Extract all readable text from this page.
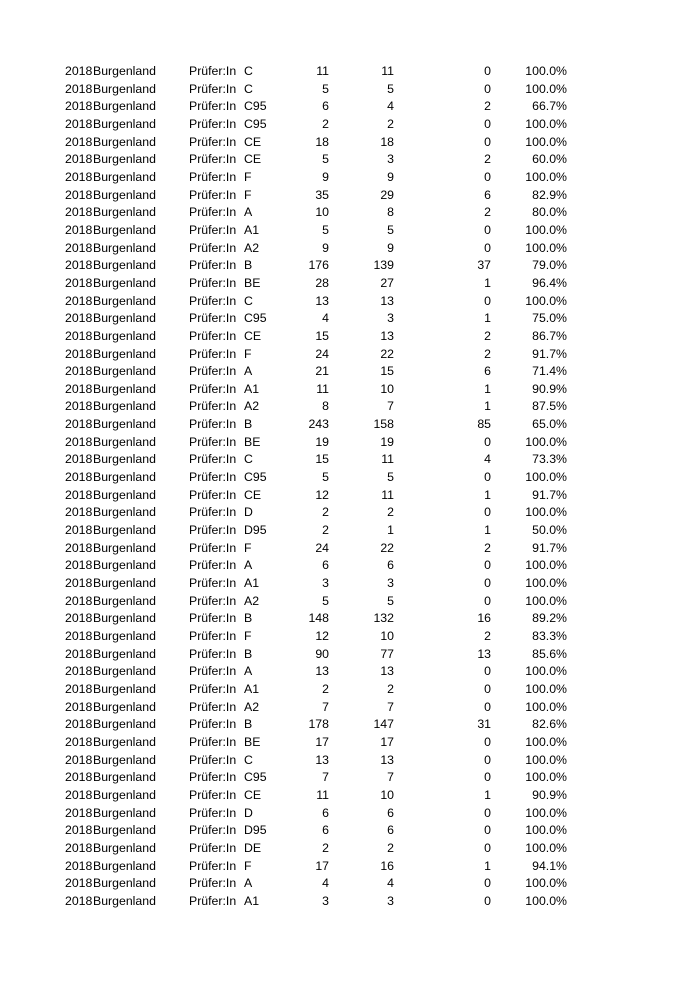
2018 Burgenland	Prüfer:In C	11	11	0	100.0%
2018 Burgenland	Prüfer:In C	5	5	0	100.0%
2018 Burgenland	Prüfer:In C95	6	4	2	66.7%
2018 Burgenland	Prüfer:In C95	2	2	0	100.0%
2018 Burgenland	Prüfer:In CE	18	18	0	100.0%
2018 Burgenland	Prüfer:In CE	5	3	2	60.0%
2018 Burgenland	Prüfer:In F	9	9	0	100.0%
2018 Burgenland	Prüfer:In F	35	29	6	82.9%
2018 Burgenland	Prüfer:In A	10	8	2	80.0%
2018 Burgenland	Prüfer:In A1	5	5	0	100.0%
2018 Burgenland	Prüfer:In A2	9	9	0	100.0%
2018 Burgenland	Prüfer:In B	176	139	37	79.0%
2018 Burgenland	Prüfer:In BE	28	27	1	96.4%
2018 Burgenland	Prüfer:In C	13	13	0	100.0%
2018 Burgenland	Prüfer:In C95	4	3	1	75.0%
2018 Burgenland	Prüfer:In CE	15	13	2	86.7%
2018 Burgenland	Prüfer:In F	24	22	2	91.7%
2018 Burgenland	Prüfer:In A	21	15	6	71.4%
2018 Burgenland	Prüfer:In A1	11	10	1	90.9%
2018 Burgenland	Prüfer:In A2	8	7	1	87.5%
2018 Burgenland	Prüfer:In B	243	158	85	65.0%
2018 Burgenland	Prüfer:In BE	19	19	0	100.0%
2018 Burgenland	Prüfer:In C	15	11	4	73.3%
2018 Burgenland	Prüfer:In C95	5	5	0	100.0%
2018 Burgenland	Prüfer:In CE	12	11	1	91.7%
2018 Burgenland	Prüfer:In D	2	2	0	100.0%
2018 Burgenland	Prüfer:In D95	2	1	1	50.0%
2018 Burgenland	Prüfer:In F	24	22	2	91.7%
2018 Burgenland	Prüfer:In A	6	6	0	100.0%
2018 Burgenland	Prüfer:In A1	3	3	0	100.0%
2018 Burgenland	Prüfer:In A2	5	5	0	100.0%
2018 Burgenland	Prüfer:In B	148	132	16	89.2%
2018 Burgenland	Prüfer:In F	12	10	2	83.3%
2018 Burgenland	Prüfer:In B	90	77	13	85.6%
2018 Burgenland	Prüfer:In A	13	13	0	100.0%
2018 Burgenland	Prüfer:In A1	2	2	0	100.0%
2018 Burgenland	Prüfer:In A2	7	7	0	100.0%
2018 Burgenland	Prüfer:In B	178	147	31	82.6%
2018 Burgenland	Prüfer:In BE	17	17	0	100.0%
2018 Burgenland	Prüfer:In C	13	13	0	100.0%
2018 Burgenland	Prüfer:In C95	7	7	0	100.0%
2018 Burgenland	Prüfer:In CE	11	10	1	90.9%
2018 Burgenland	Prüfer:In D	6	6	0	100.0%
2018 Burgenland	Prüfer:In D95	6	6	0	100.0%
2018 Burgenland	Prüfer:In DE	2	2	0	100.0%
2018 Burgenland	Prüfer:In F	17	16	1	94.1%
2018 Burgenland	Prüfer:In A	4	4	0	100.0%
2018 Burgenland	Prüfer:In A1	3	3	0	100.0%
